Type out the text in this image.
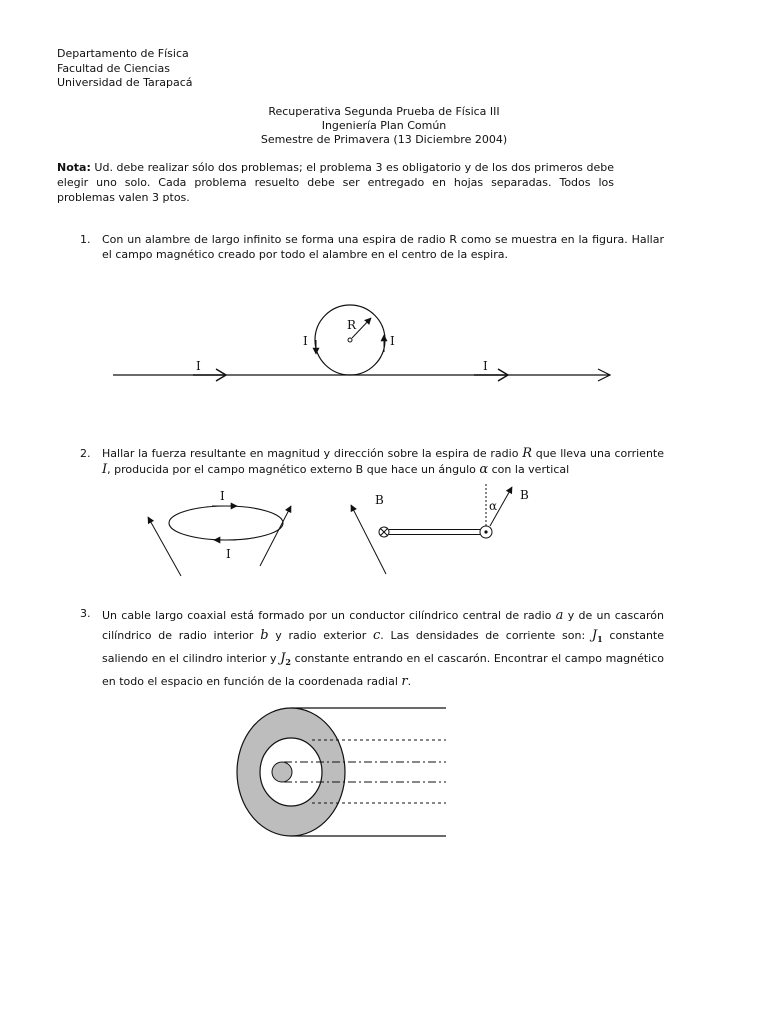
Departamento de Física
Facultad de Ciencias
Universidad de Tarapacá
Recuperativa Segunda Prueba de Física III
Ingeniería Plan Común
Semestre de Primavera (13 Diciembre 2004)
Nota: Ud. debe realizar sólo dos problemas; el problema 3 es obligatorio y de los dos primeros debe elegir uno solo. Cada problema resuelto debe ser entregado en hojas separadas. Todos los problemas valen 3 ptos.
1. Con un alambre de largo infinito se forma una espira de radio R como se muestra en la figura. Hallar el campo magnético creado por todo el alambre en el centro de la espira.
2. Hallar la fuerza resultante en magnitud y dirección sobre la espira de radio R que lleva una corriente I, producida por el campo magnético externo B que hace un ángulo α con la vertical
3. Un cable largo coaxial está formado por un conductor cilíndrico central de radio a y de un cascarón cilíndrico de radio interior b y radio exterior c. Las densidades de corriente son: $J_1$ constante saliendo en el cilindro interior y $J_2$ constante entrando en el cascarón. Encontrar el campo magnético en todo el espacio en función de la coordenada radial r.
I	I
R
I	I
I
I
B	α
B
